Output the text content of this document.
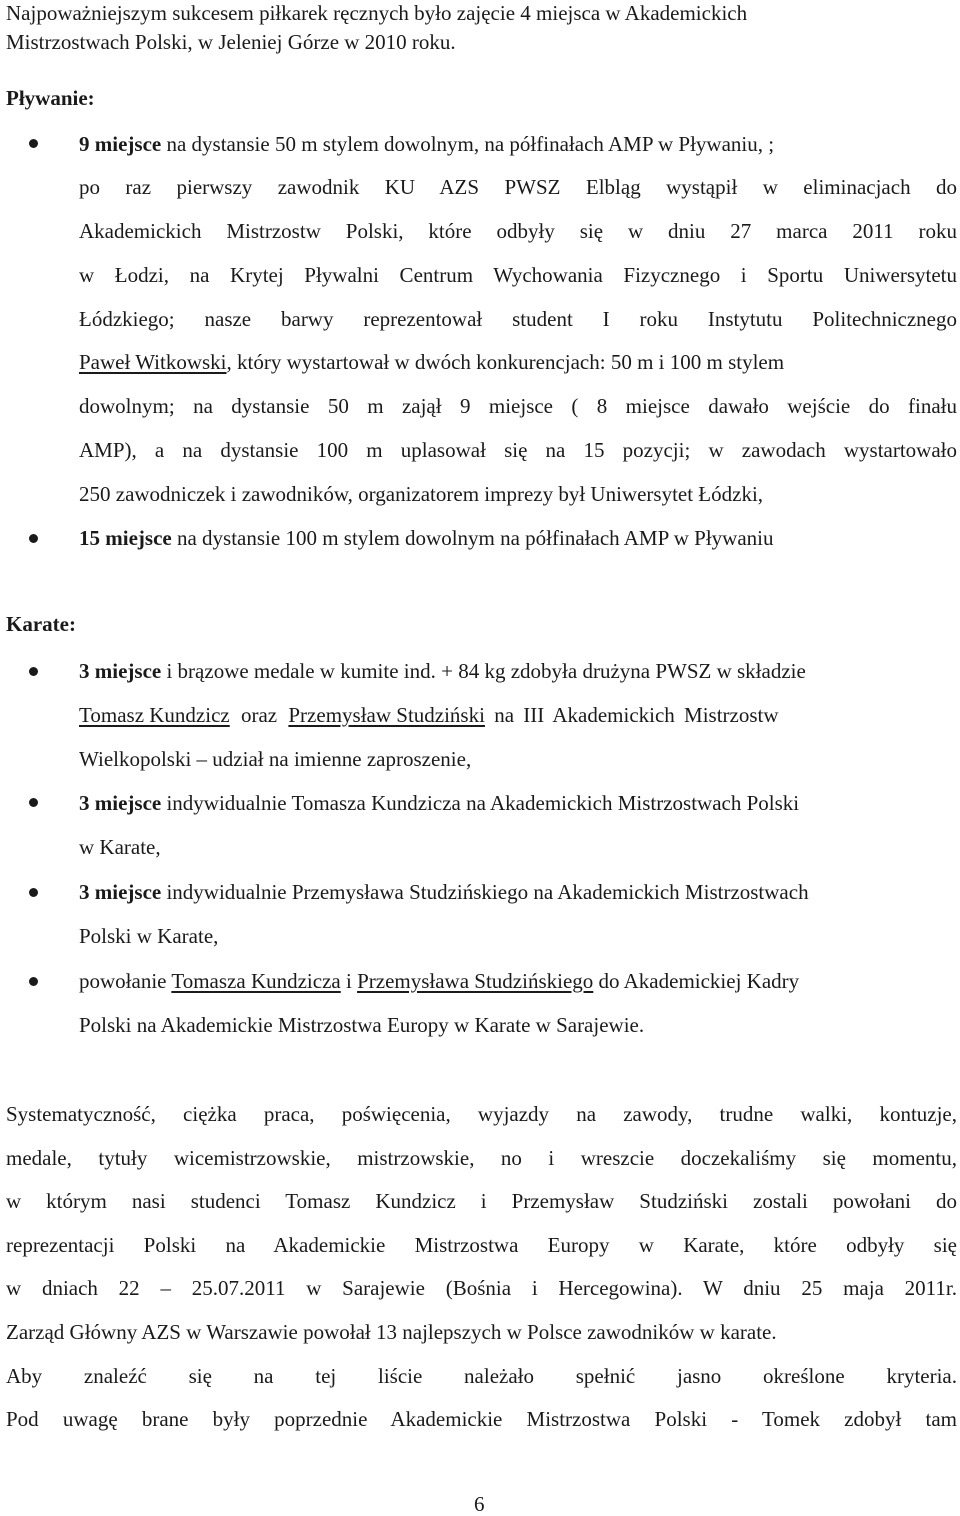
Najpoważniejszym sukcesem piłkarek ręcznych było zajęcie 4 miejsca w Akademickich
Mistrzostwach Polski, w Jeleniej Górze w 2010 roku.
Pływanie:
9 miejsce na dystansie 50 m stylem dowolnym, na półfinałach AMP w Pływaniu, ;
po raz pierwszy zawodnik KU AZS PWSZ Elbląg wystąpił w eliminacjach do
Akademickich Mistrzostw Polski, które odbyły się w dniu 27 marca 2011 roku
w Łodzi, na Krytej Pływalni Centrum Wychowania Fizycznego i Sportu Uniwersytetu
Łódzkiego; nasze barwy reprezentował student I roku Instytutu Politechnicznego
Paweł Witkowski, który wystartował w dwóch konkurencjach: 50 m i 100 m stylem
dowolnym; na dystansie 50 m zajął 9 miejsce ( 8 miejsce dawało wejście do finału
AMP), a na dystansie 100 m uplasował się na 15 pozycji; w zawodach wystartowało
250 zawodniczek i zawodników, organizatorem imprezy był Uniwersytet Łódzki,
15 miejsce na dystansie 100 m stylem dowolnym na półfinałach AMP w Pływaniu
Karate:
3 miejsce i brązowe medale w kumite ind. + 84 kg zdobyła drużyna PWSZ w składzie
Tomasz Kundzicz oraz Przemysław Studziński na III Akademickich Mistrzostw
Wielkopolski – udział na imienne zaproszenie,
3 miejsce indywidualnie Tomasza Kundzicza na Akademickich Mistrzostwach Polski
w Karate,
3 miejsce indywidualnie Przemysława Studzińskiego na Akademickich Mistrzostwach
Polski w Karate,
powołanie Tomasza Kundzicza i Przemysława Studzińskiego do Akademickiej Kadry
Polski na Akademickie Mistrzostwa Europy w Karate w Sarajewie.
Systematyczność, ciężka praca, poświęcenia, wyjazdy na zawody, trudne walki, kontuzje,
medale, tytuły wicemistrzowskie, mistrzowskie, no i wreszcie doczekaliśmy się momentu,
w którym nasi studenci Tomasz Kundzicz i Przemysław Studziński zostali powołani do
reprezentacji Polski na Akademickie Mistrzostwa Europy w Karate, które odbyły się
w dniach 22 – 25.07.2011 w Sarajewie (Bośnia i Hercegowina). W dniu 25 maja 2011r.
Zarząd Główny AZS w Warszawie powołał 13 najlepszych w Polsce zawodników w karate.
Aby znaleźć się na tej liście należało spełnić jasno określone kryteria.
Pod uwagę brane były poprzednie Akademickie Mistrzostwa Polski - Tomek zdobył tam
6
